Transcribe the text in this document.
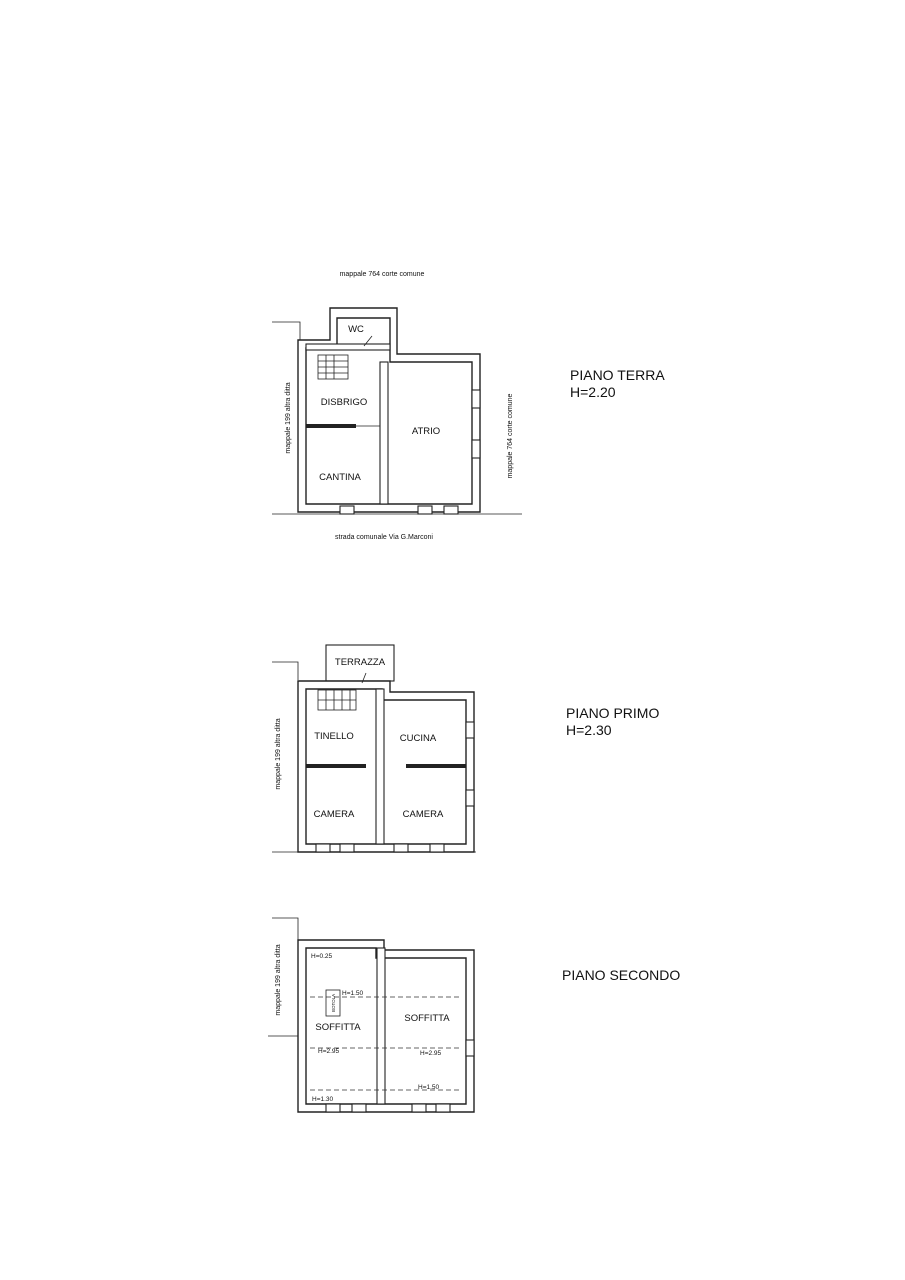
mappale 764 corte comune
mappale 199 altra ditta	mappale 764 corte comune
strada comunale Via G.Marconi
WC
DISBRIGO
ATRIO
CANTINA
PIANO TERRA
H=2.20
mappale 199 altra ditta
TERRAZZA
TINELLO	CUCINA
CAMERA	CAMERA
PIANO PRIMO
H=2.30
mappale 199 altra ditta	BOTOLA
H=0.25
H=1.50
H=2.95	H=2.95
H=1.50
H=1.30
SOFFITTA
SOFFITTA
PIANO SECONDO
